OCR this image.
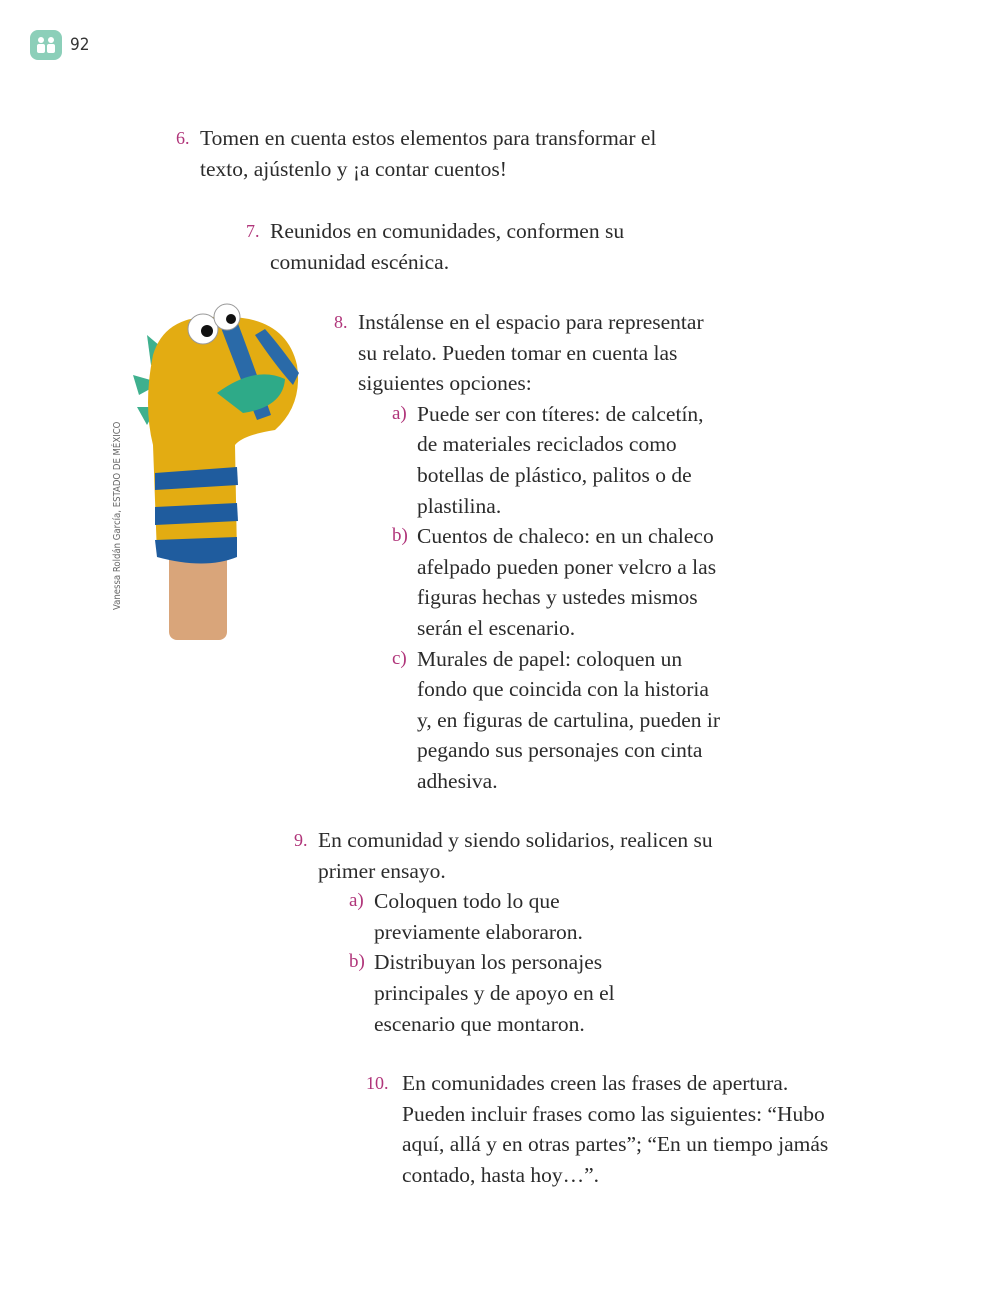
92
6. Tomen en cuenta estos elementos para transformar el

texto, ajústenlo y ¡a contar cuentos!

7. Reunidos en comunidades, conformen su

comunidad escénica.

Vanessa Roldán García, ESTADO DE MÉXICO
8. Instálense en el espacio para representar

su relato. Pueden tomar en cuenta las

siguientes opciones:

a) Puede ser con títeres: de calcetín,

de materiales reciclados como

botellas de plástico, palitos o de

plastilina.

b) Cuentos de chaleco: en un chaleco

afelpado pueden poner velcro a las

figuras hechas y ustedes mismos

serán el escenario.

c) Murales de papel: coloquen un

fondo que coincida con la historia

y, en figuras de cartulina, pueden ir

pegando sus personajes con cinta

adhesiva.

9. En comunidad y siendo solidarios, realicen su

primer ensayo.

a) Coloquen todo lo que

previamente elaboraron.

b) Distribuyan los personajes

principales y de apoyo en el

escenario que montaron.

10. En comunidades creen las frases de apertura.

Pueden incluir frases como las siguientes: “Hubo

aquí, allá y en otras partes”; “En un tiempo jamás

contado, hasta hoy…”.
